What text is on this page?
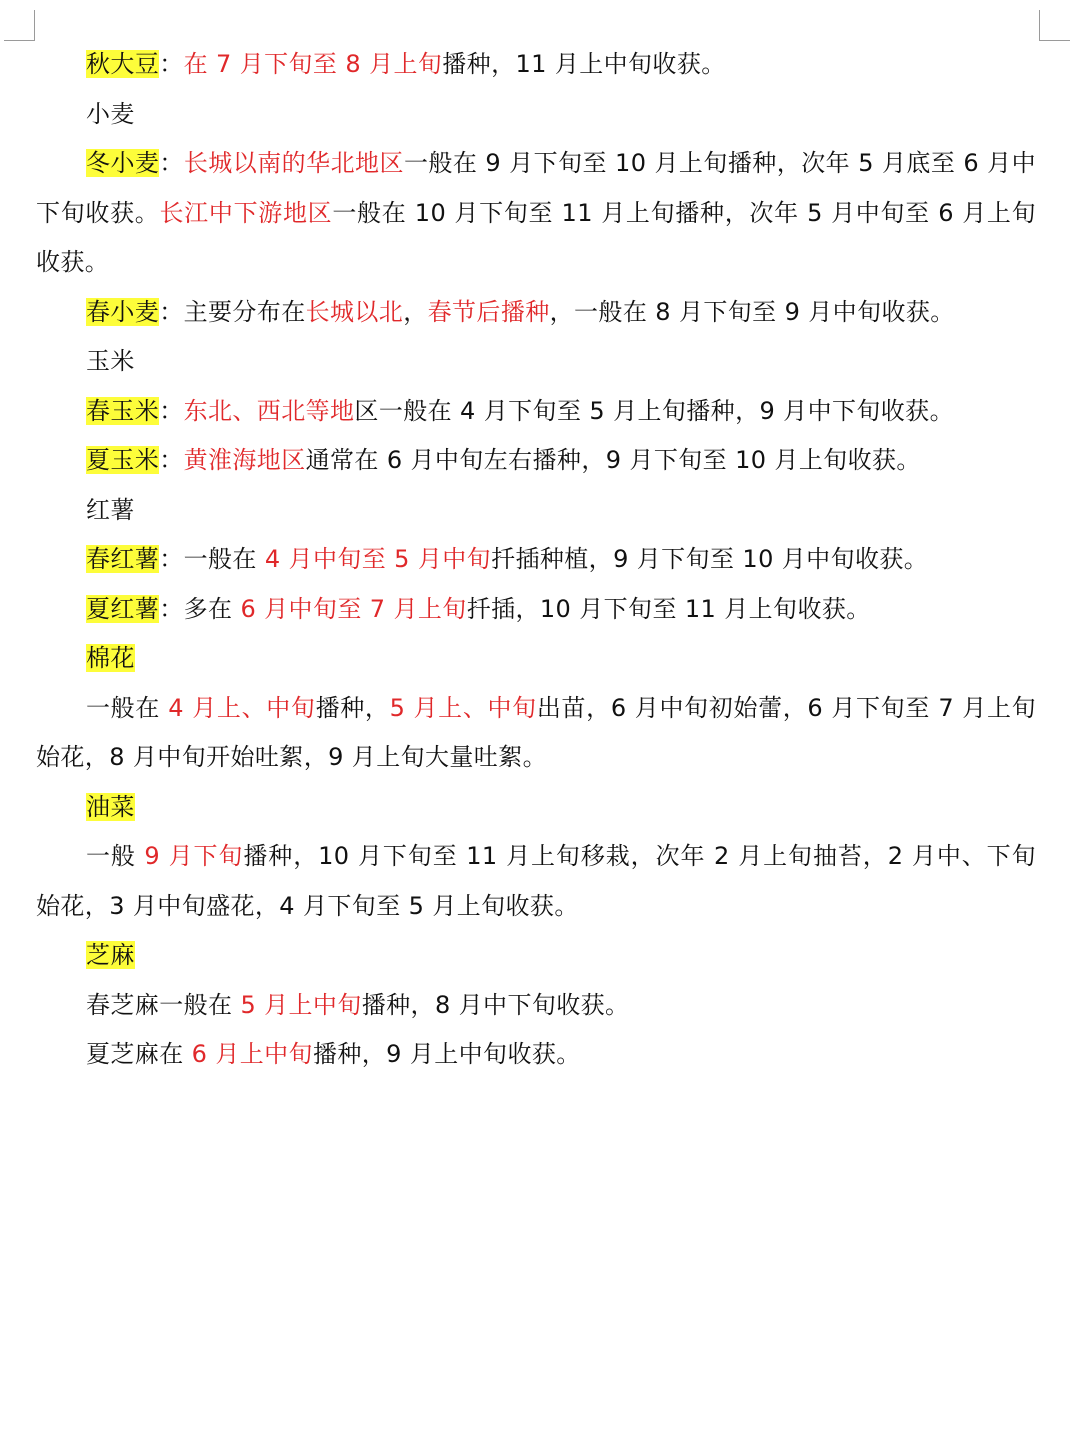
秋大豆：在 7 月下旬至 8 月上旬播种，11 月上中旬收获。

小麦

冬小麦：长城以南的华北地区一般在 9 月下旬至 10 月上旬播种，次年 5 月底至 6 月中下旬收获。长江中下游地区一般在 10 月下旬至 11 月上旬播种，次年 5 月中旬至 6 月上旬收获。

春小麦：主要分布在长城以北，春节后播种，一般在 8 月下旬至 9 月中旬收获。

玉米

春玉米：东北、西北等地区一般在 4 月下旬至 5 月上旬播种，9 月中下旬收获。

夏玉米：黄淮海地区通常在 6 月中旬左右播种，9 月下旬至 10 月上旬收获。

红薯

春红薯：一般在 4 月中旬至 5 月中旬扦插种植，9 月下旬至 10 月中旬收获。

夏红薯：多在 6 月中旬至 7 月上旬扦插，10 月下旬至 11 月上旬收获。

棉花

一般在 4 月上、中旬播种，5 月上、中旬出苗，6 月中旬初始蕾，6 月下旬至 7 月上旬始花，8 月中旬开始吐絮，9 月上旬大量吐絮。

油菜

一般 9 月下旬播种，10 月下旬至 11 月上旬移栽，次年 2 月上旬抽苔，2 月中、下旬始花，3 月中旬盛花，4 月下旬至 5 月上旬收获。

芝麻

春芝麻一般在 5 月上中旬播种，8 月中下旬收获。

夏芝麻在 6 月上中旬播种，9 月上中旬收获。
